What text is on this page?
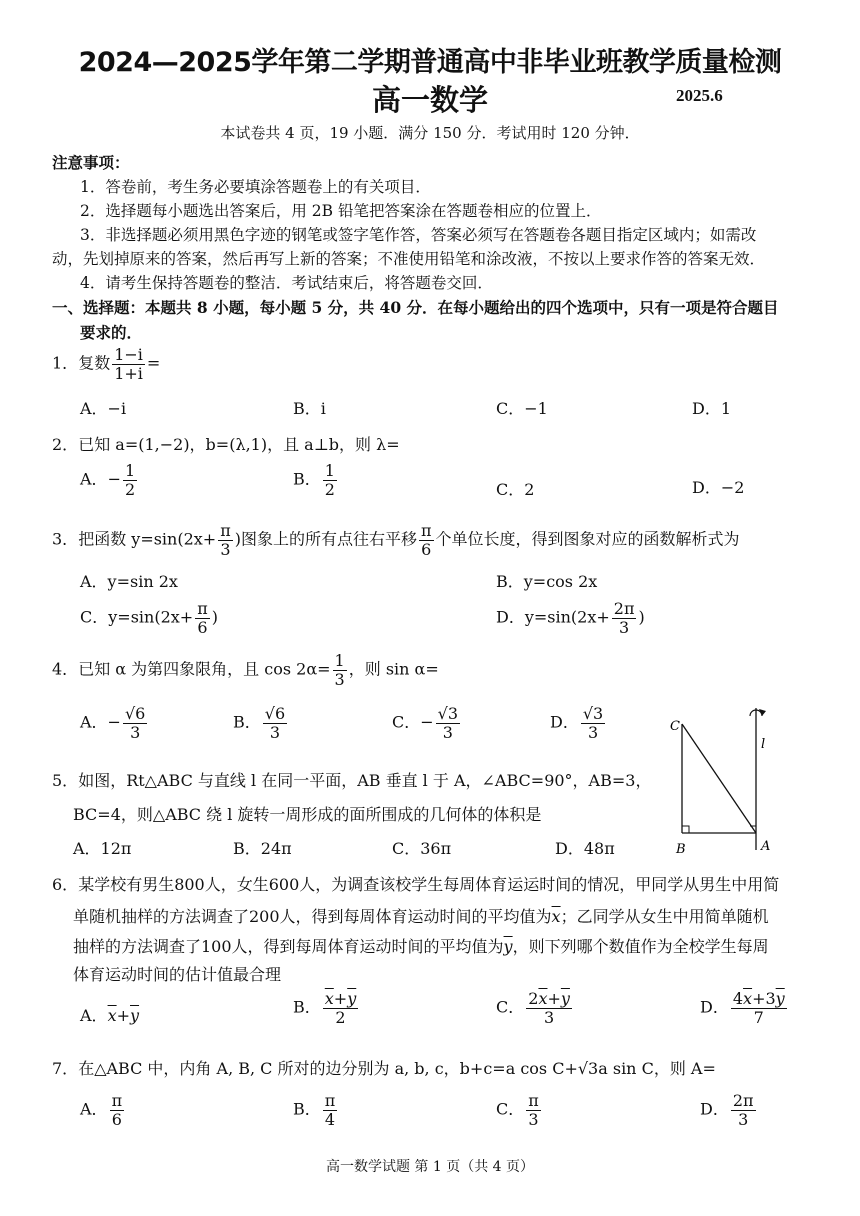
2024—2025学年第二学期普通高中非毕业班教学质量检测
高一数学	2025.6
本试卷共 4 页，19 小题．满分 150 分．考试用时 120 分钟．
注意事项：
1．答卷前，考生务必要填涂答题卷上的有关项目．
2．选择题每小题选出答案后，用 2B 铅笔把答案涂在答题卷相应的位置上．
3．非选择题必须用黑色字迹的钢笔或签字笔作答，答案必须写在答题卷各题目指定区域内；如需改
动，先划掉原来的答案，然后再写上新的答案；不准使用铅笔和涂改液，不按以上要求作答的答案无效．
4．请考生保持答题卷的整洁．考试结束后，将答题卷交回．
一、选择题：本题共 8 小题，每小题 5 分，共 40 分．在每小题给出的四个选项中，只有一项是符合题目
要求的．
1．复数 $\frac{1-i}{1+i}$ =
A．−i	B．i	C．−1	D．1
2．已知 a=(1,−2)，b=(λ,1)，且 a⊥b，则 λ=
A．− $\frac{1}{2}$	B． $\frac{1}{2}$	C．2	D．−2
3．把函数 $y=\sin(2x+ \frac{\pi}{3}$ )图象上的所有点往右平移 $\frac{\pi}{6}$ 个单位长度，得到图象对应的函数解析式为
A．y=sin 2x	B．y=cos 2x
C．$y=\sin(2x+ \frac{\pi}{6}$ )	D．$y=\sin(2x+ \frac{2\pi}{3}$ )
4．已知 α 为第四象限角，且 $\cos 2\alpha= \frac{1}{3}$ ，则 sin α=
A．− $\frac{√6}{3}$	B． $\frac{√6}{3}$	C．− $\frac{√3}{3}$	D． $\frac{√3}{3}$
5．如图，Rt△ABC 与直线 l 在同一平面，AB 垂直 l 于 A，∠ABC=90°，AB=3，
BC=4，则△ABC 绕 l 旋转一周形成的面所围成的几何体的体积是
A．12π	B．24π	C．36π	D．48π
C
B	A
l
6．某学校有男生800人，女生600人，为调查该校学生每周体育运运时间的情况，甲同学从男生中用简
单随机抽样的方法调查了200人，得到每周体育运动时间的平均值为$\overline{x}$；乙同学从女生中用简单随机
抽样的方法调查了100人，得到每周体育运动时间的平均值为$\overline{y}$，则下列哪个数值作为全校学生每周
体育运动时间的估计值最合理
A．$\overline{x}+\overline{y}$	B． $\frac{\overline{x}+\overline{y}}{2}$	C． $\frac{2\overline{x}+\overline{y}}{3}$	D． $\frac{4\overline{x}+3\overline{y}}{7}$
7．在△ABC 中，内角 A, B, C 所对的边分别为 a, b, c，b+c=a cos C+√3a sin C，则 A=
A． $\frac{\pi}{6}$	B． $\frac{\pi}{4}$	C． $\frac{\pi}{3}$	D． $\frac{2\pi}{3}$
高一数学试题 第 1 页（共 4 页）
